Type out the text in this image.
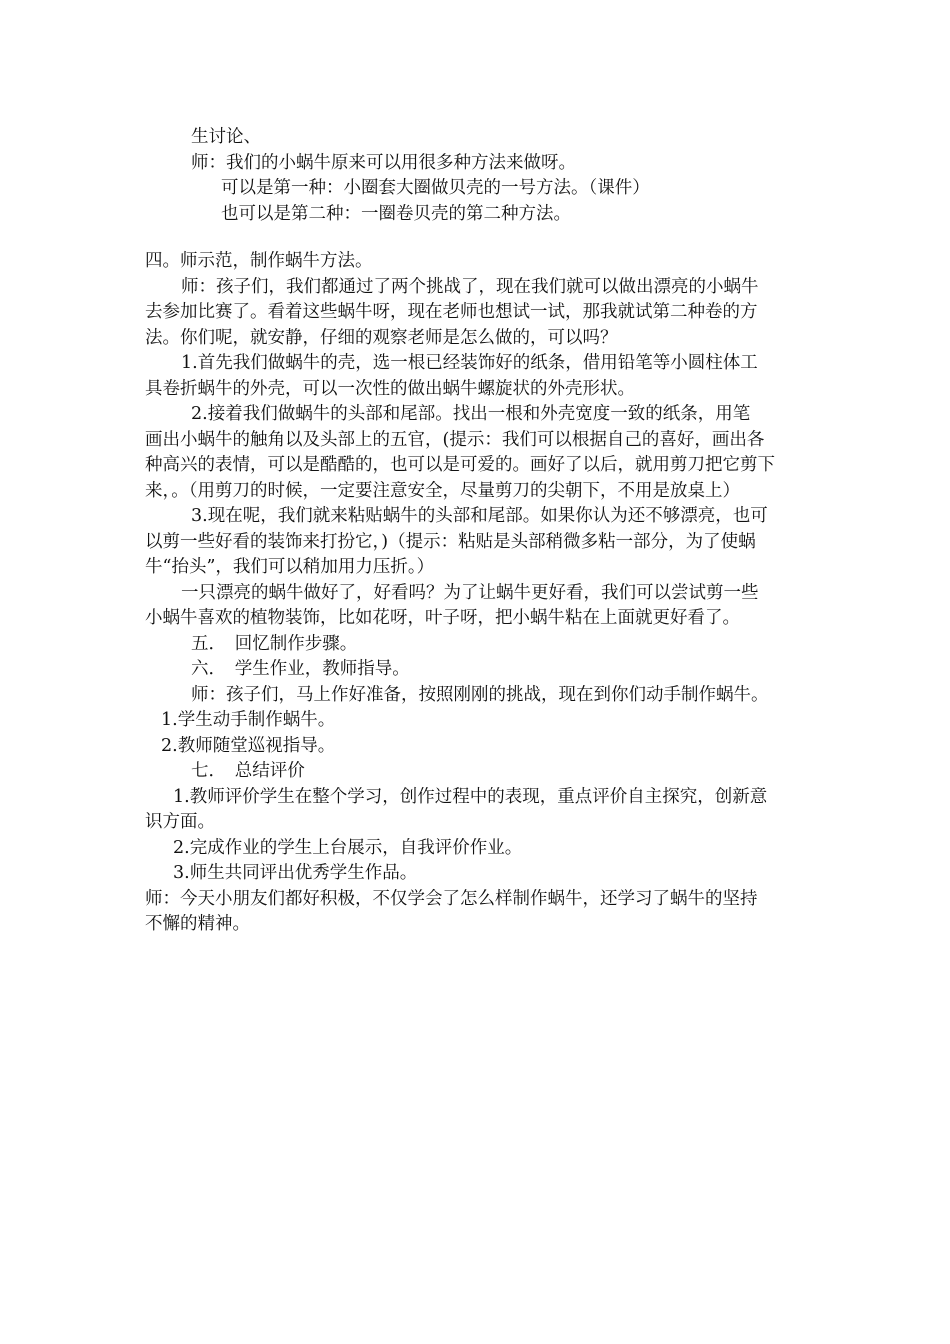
生讨论、
师：我们的小蜗牛原来可以用很多种方法来做呀。
可以是第一种：小圈套大圈做贝壳的一号方法。（课件）
也可以是第二种：一圈卷贝壳的第二种方法。
四。师示范，制作蜗牛方法。
师：孩子们，我们都通过了两个挑战了，现在我们就可以做出漂亮的小蜗牛
去参加比赛了。看着这些蜗牛呀，现在老师也想试一试，那我就试第二种卷的方
法。你们呢，就安静，仔细的观察老师是怎么做的，可以吗？
1.首先我们做蜗牛的壳，选一根已经装饰好的纸条，借用铅笔等小圆柱体工
具卷折蜗牛的外壳，可以一次性的做出蜗牛螺旋状的外壳形状。
2.接着我们做蜗牛的头部和尾部。找出一根和外壳宽度一致的纸条，用笔
画出小蜗牛的触角以及头部上的五官，(提示：我们可以根据自己的喜好，画出各
种高兴的表情，可以是酷酷的，也可以是可爱的。画好了以后，就用剪刀把它剪下
来，。（用剪刀的时候，一定要注意安全，尽量剪刀的尖朝下，不用是放桌上）
3.现在呢，我们就来粘贴蜗牛的头部和尾部。如果你认为还不够漂亮，也可
以剪一些好看的装饰来打扮它，)（提示：粘贴是头部稍微多粘一部分，为了使蜗
牛“抬头”，我们可以稍加用力压折。）
一只漂亮的蜗牛做好了，好看吗？为了让蜗牛更好看，我们可以尝试剪一些
小蜗牛喜欢的植物装饰，比如花呀，叶子呀，把小蜗牛粘在上面就更好看了。
五．　回忆制作步骤。
六．　学生作业，教师指导。
师：孩子们，马上作好准备，按照刚刚的挑战，现在到你们动手制作蜗牛。
1.学生动手制作蜗牛。
2.教师随堂巡视指导。
七．　总结评价
1.教师评价学生在整个学习，创作过程中的表现，重点评价自主探究，创新意
识方面。
2.完成作业的学生上台展示，自我评价作业。
3.师生共同评出优秀学生作品。
师：今天小朋友们都好积极，不仅学会了怎么样制作蜗牛，还学习了蜗牛的坚持
不懈的精神。
